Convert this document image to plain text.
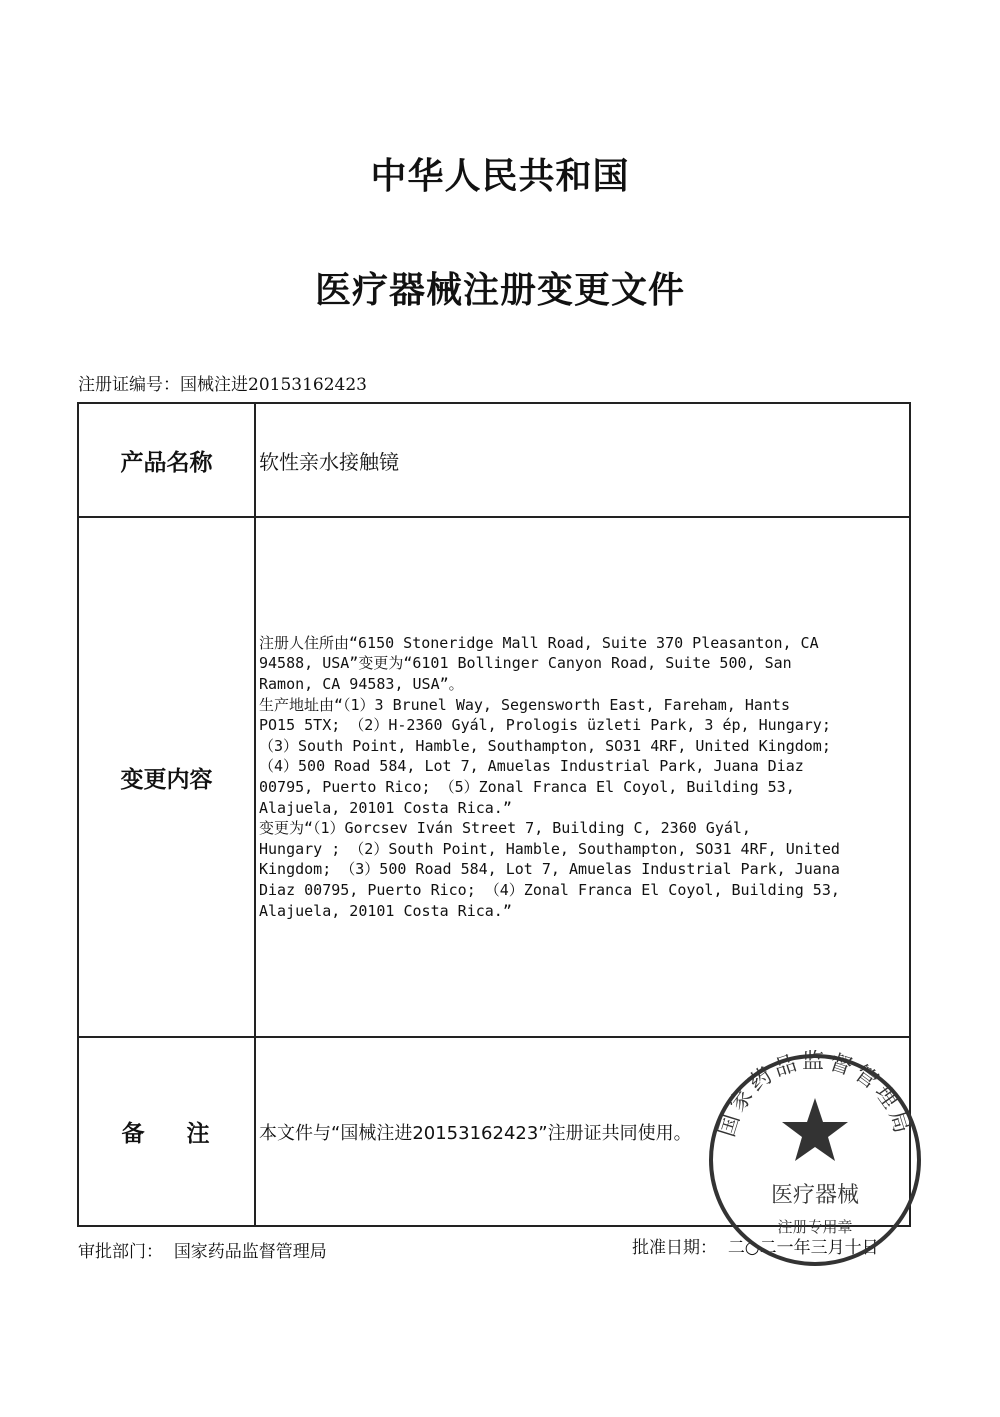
中华人民共和国
医疗器械注册变更文件
注册证编号：国械注进20153162423
产品名称	软性亲水接触镜
变更内容
注册人住所由“6150 Stoneridge Mall Road, Suite 370 Pleasanton, CA
94588, USA”变更为“6101 Bollinger Canyon Road, Suite 500, San
Ramon, CA 94583, USA”。
生产地址由“（1）3 Brunel Way, Segensworth East, Fareham, Hants
PO15 5TX; （2）H-2360 Gyál, Prologis üzleti Park, 3 ép, Hungary;
（3）South Point, Hamble, Southampton, SO31 4RF, United Kingdom;
（4）500 Road 584, Lot 7, Amuelas Industrial Park, Juana Diaz
00795, Puerto Rico; （5）Zonal Franca El Coyol, Building 53,
Alajuela, 20101 Costa Rica.”
变更为“（1）Gorcsev Iván Street 7, Building C, 2360 Gyál,
Hungary ; （2）South Point, Hamble, Southampton, SO31 4RF, United
Kingdom; （3）500 Road 584, Lot 7, Amuelas Industrial Park, Juana
Diaz 00795, Puerto Rico; （4）Zonal Franca El Coyol, Building 53,
Alajuela, 20101 Costa Rica.”
备注 本文件与“国械注进20153162423”注册证共同使用。
审批部门： 国家药品监督管理局	批准日期： 二○二一年三月十日
国家药品监督管理局
医疗器械
注册专用章
